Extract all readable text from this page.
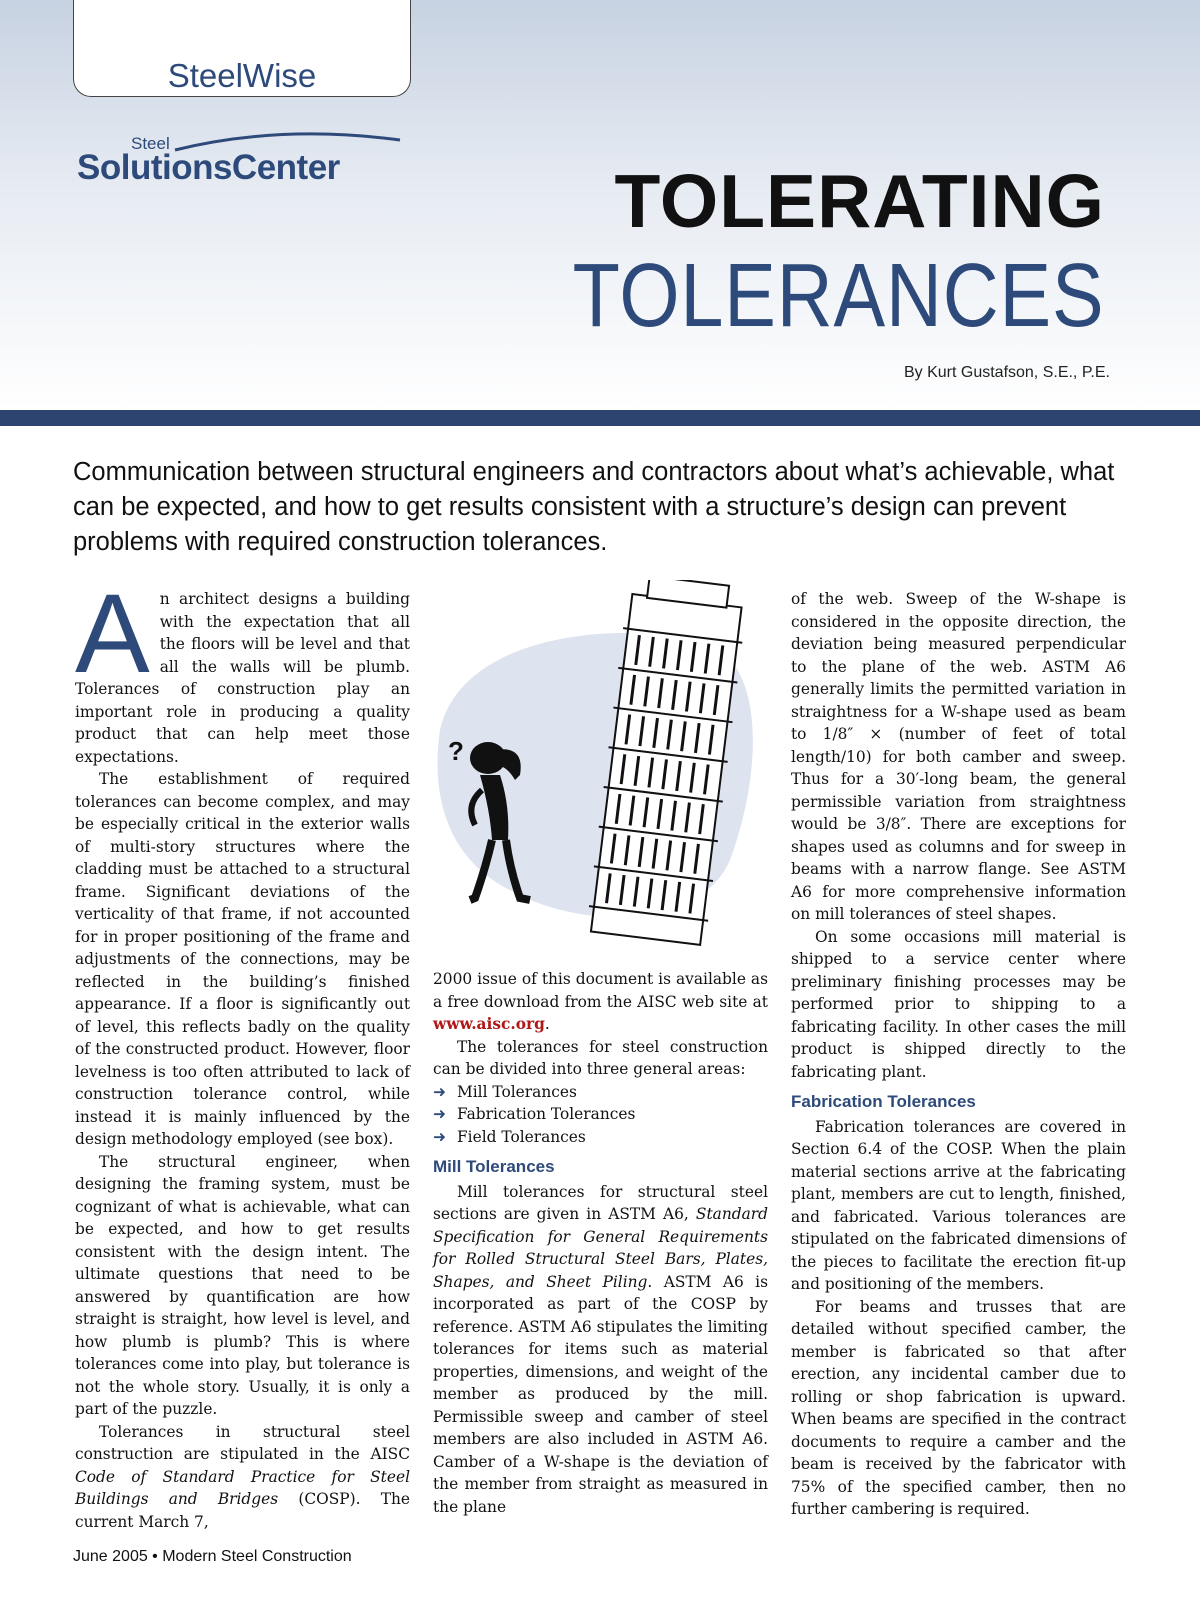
SteelWise
Steel
SolutionsCenter	TOLERATING
TOLERANCES
By Kurt Gustafson, S.E., P.E.
Communication between structural engineers and contractors about what’s achievable, what can be expected, and how to get results consistent with a structure’s design can prevent problems with required construction tolerances.
A n architect designs a building with the expectation that all the floors will be level and that all the walls will be plumb. Tolerances of construction play an important role in producing a quality product that can help meet those expectations.

The establishment of required tolerances can become complex, and may be especially critical in the exterior walls of multi-story structures where the cladding must be attached to a structural frame. Significant deviations of the verticality of that frame, if not accounted for in proper positioning of the frame and adjustments of the connections, may be reflected in the building’s finished appearance. If a floor is significantly out of level, this reflects badly on the quality of the constructed product. However, floor levelness is too often attributed to lack of construction tolerance control, while instead it is mainly influenced by the design methodology employed (see box).

The structural engineer, when designing the framing system, must be cognizant of what is achievable, what can be expected, and how to get results consistent with the design intent. The ultimate questions that need to be answered by quantification are how straight is straight, how level is level, and how plumb is plumb? This is where tolerances come into play, but tolerance is not the whole story. Usually, it is only a part of the puzzle.

Tolerances in structural steel construction are stipulated in the AISC Code of Standard Practice for Steel Buildings and Bridges (COSP). The current March 7,

?

2000 issue of this document is available as a free download from the AISC web site at www.aisc.org.

The tolerances for steel construction can be divided into three general areas:

➜ Mill Tolerances
➜ Fabrication Tolerances
➜ Field Tolerances
Mill Tolerances

Mill tolerances for structural steel sections are given in ASTM A6, Standard Specification for General Requirements for Rolled Structural Steel Bars, Plates, Shapes, and Sheet Piling. ASTM A6 is incorporated as part of the COSP by reference. ASTM A6 stipulates the limiting tolerances for items such as material properties, dimensions, and weight of the member as produced by the mill. Permissible sweep and camber of steel members are also included in ASTM A6. Camber of a W-shape is the deviation of the member from straight as measured in the plane

of the web. Sweep of the W-shape is considered in the opposite direction, the deviation being measured perpendicular to the plane of the web. ASTM A6 generally limits the permitted variation in straightness for a W-shape used as beam to 1/8″ × (number of feet of total length/10) for both camber and sweep. Thus for a 30′-long beam, the general permissible variation from straightness would be 3/8″. There are exceptions for shapes used as columns and for sweep in beams with a narrow flange. See ASTM A6 for more comprehensive information on mill tolerances of steel shapes.

On some occasions mill material is shipped to a service center where preliminary finishing processes may be performed prior to shipping to a fabricating facility. In other cases the mill product is shipped directly to the fabricating plant.

Fabrication Tolerances

Fabrication tolerances are covered in Section 6.4 of the COSP. When the plain material sections arrive at the fabricating plant, members are cut to length, finished, and fabricated. Various tolerances are stipulated on the fabricated dimensions of the pieces to facilitate the erection fit-up and positioning of the members.

For beams and trusses that are detailed without specified camber, the member is fabricated so that after erection, any incidental camber due to rolling or shop fabrication is upward. When beams are specified in the contract documents to require a camber and the beam is received by the fabricator with 75% of the specified camber, then no further cambering is required.

June 2005 • Modern Steel Construction
